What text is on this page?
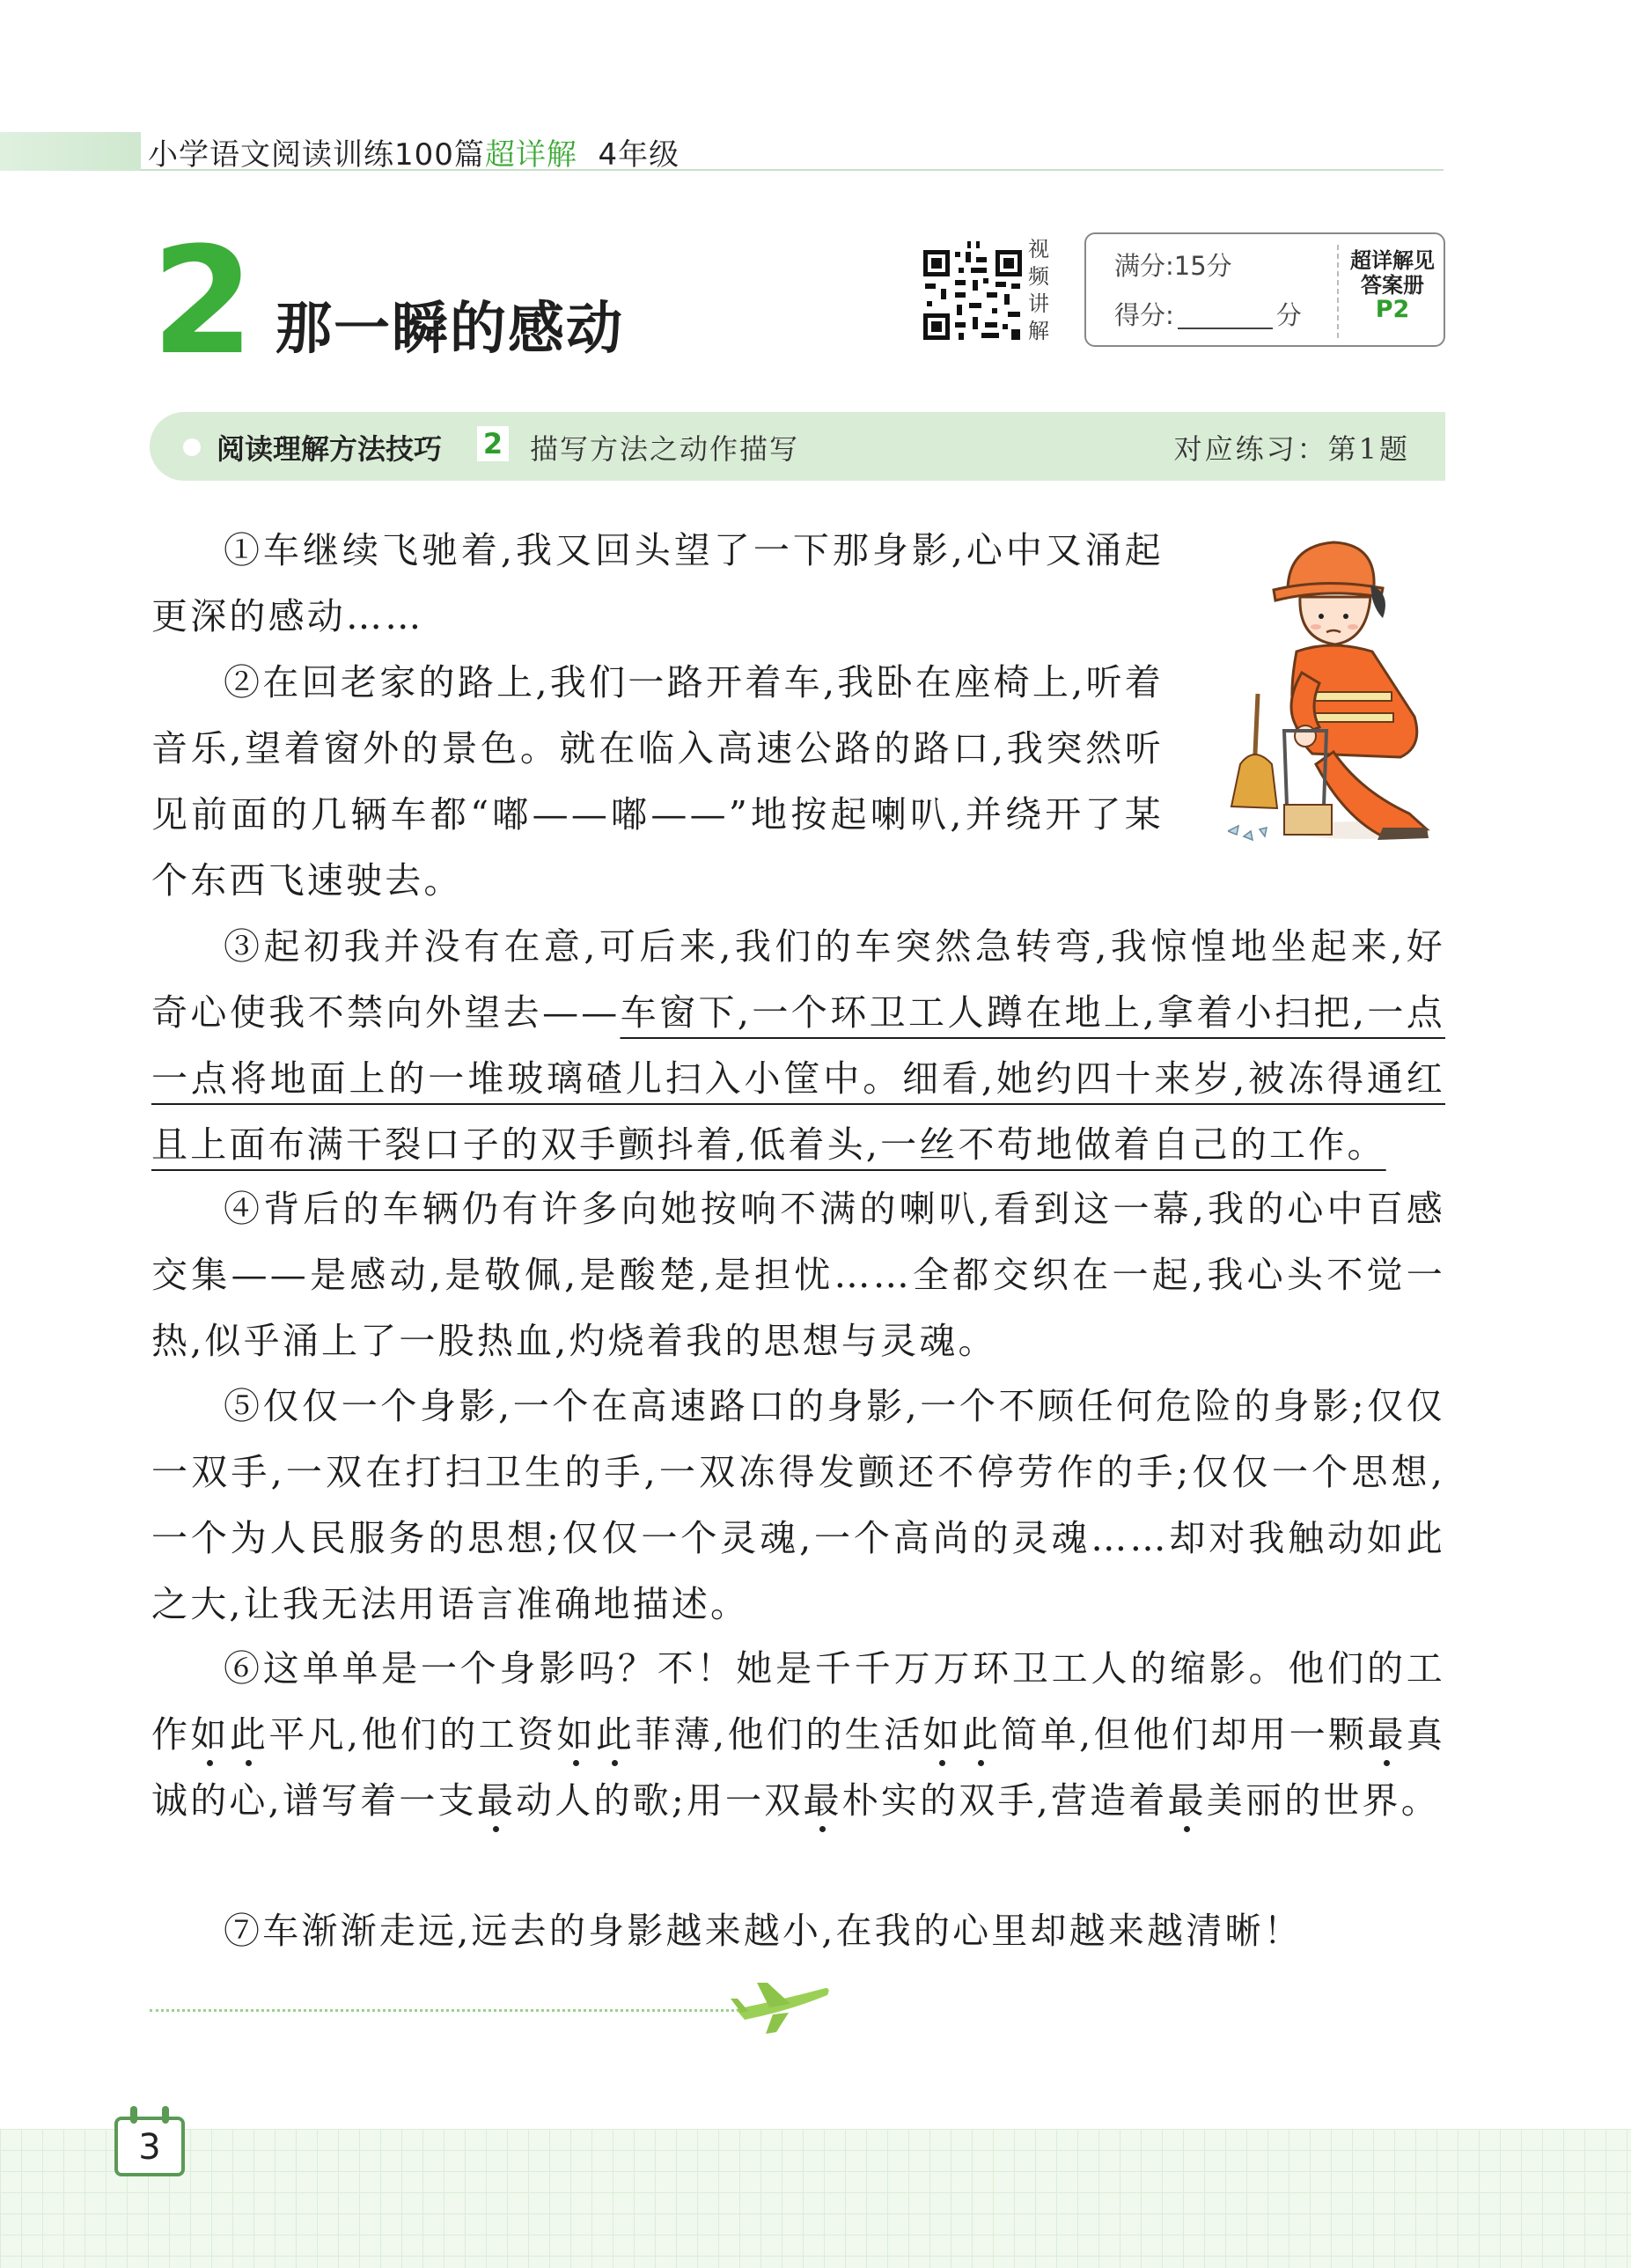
小学语文阅读训练100篇超详解 4年级
2 那一瞬的感动
视
频
讲
解
满分:15分
得分:	分
超详解见
答案册
P2
阅读理解方法技巧 2 描写方法之动作描写	对应练习：第1题

①车继续飞驰着,我又回头望了一下那身影,心中又涌起更深的感动……

②在回老家的路上,我们一路开着车,我卧在座椅上,听着音乐,望着窗外的景色。就在临入高速公路的路口,我突然听见前面的几辆车都“嘟——嘟——”地按起喇叭,并绕开了某个东西飞速驶去。

③起初我并没有在意,可后来,我们的车突然急转弯,我惊惶地坐起来,好奇心使我不禁向外望去——车窗下,一个环卫工人蹲在地上,拿着小扫把,一点一点将地面上的一堆玻璃碴儿扫入小筐中。细看,她约四十来岁,被冻得通红且上面布满干裂口子的双手颤抖着,低着头,一丝不苟地做着自己的工作。

④背后的车辆仍有许多向她按响不满的喇叭,看到这一幕,我的心中百感交集——是感动,是敬佩,是酸楚,是担忧……全都交织在一起,我心头不觉一热,似乎涌上了一股热血,灼烧着我的思想与灵魂。

⑤仅仅一个身影,一个在高速路口的身影,一个不顾任何危险的身影;仅仅一双手,一双在打扫卫生的手,一双冻得发颤还不停劳作的手;仅仅一个思想,一个为人民服务的思想;仅仅一个灵魂,一个高尚的灵魂……却对我触动如此之大,让我无法用语言准确地描述。

⑥这单单是一个身影吗？不！她是千千万万环卫工人的缩影。他们的工作如此平凡,他们的工资如此菲薄,他们的生活如此简单,但他们却用一颗最真诚的心,谱写着一支最动人的歌;用一双最朴实的双手,营造着最美丽的世界。

⑦车渐渐走远,远去的身影越来越小,在我的心里却越来越清晰！

3
